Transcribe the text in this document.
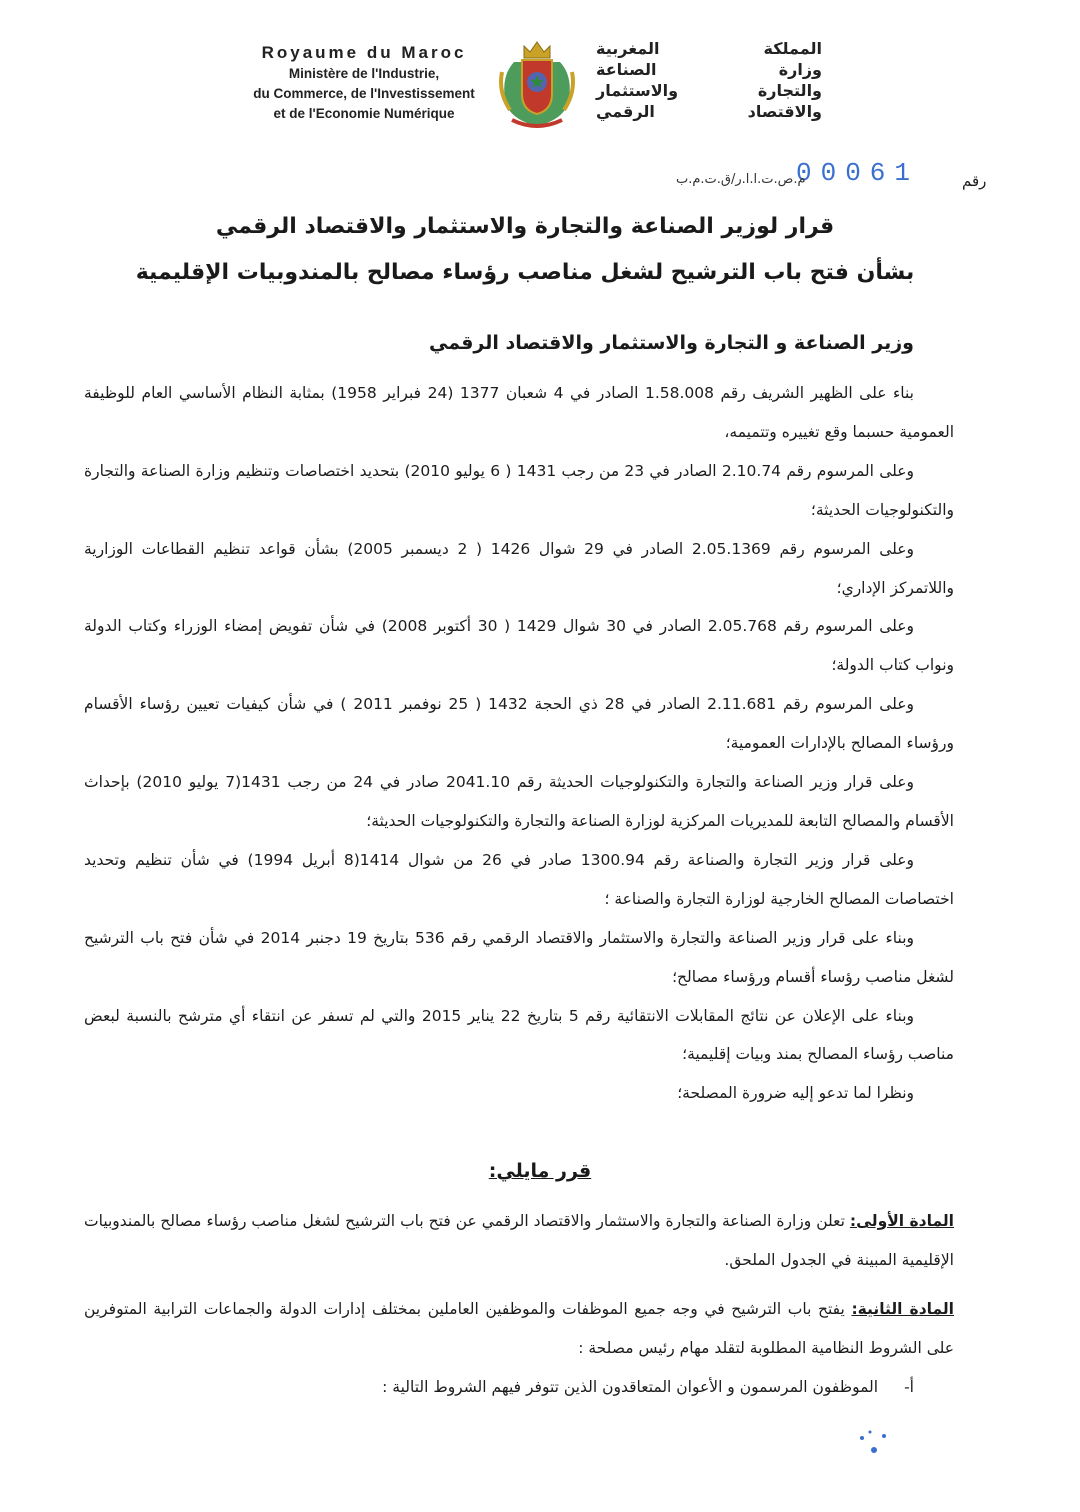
Royaume du Maroc
Ministère de l'Industrie,
du Commerce, de l'Investissement
et de l'Economie Numérique
المملكة المغربية
وزارة الصناعة
والتجارة والاستثمار
والاقتصاد الرقمي
رقم
00061
م.ص.ت.ا.ا.ر/ق.ت.م.ب
قرار لوزير الصناعة والتجارة والاستثمار والاقتصاد الرقمي
بشأن فتح باب الترشيح لشغل مناصب رؤساء مصالح بالمندوبيات الإقليمية
وزير الصناعة و التجارة والاستثمار والاقتصاد الرقمي

بناء على الظهير الشريف رقم 1.58.008 الصادر في 4 شعبان 1377 (24 فبراير 1958) بمثابة النظام الأساسي العام للوظيفة العمومية حسبما وقع تغييره وتتميمه،

وعلى المرسوم رقم 2.10.74 الصادر في 23 من رجب 1431 ( 6 يوليو 2010) بتحديد اختصاصات وتنظيم وزارة الصناعة والتجارة والتكنولوجيات الحديثة؛

وعلى المرسوم رقم 2.05.1369 الصادر في 29 شوال 1426 ( 2 ديسمبر 2005) بشأن قواعد تنظيم القطاعات الوزارية واللاتمركز الإداري؛

وعلى المرسوم رقم 2.05.768 الصادر في 30 شوال 1429 ( 30 أكتوبر 2008) في شأن تفويض إمضاء الوزراء وكتاب الدولة ونواب كتاب الدولة؛

وعلى المرسوم رقم 2.11.681 الصادر في 28 ذي الحجة 1432 ( 25 نوفمبر 2011 ) في شأن كيفيات تعيين رؤساء الأقسام ورؤساء المصالح بالإدارات العمومية؛

وعلى قرار وزير الصناعة والتجارة والتكنولوجيات الحديثة رقم 2041.10 صادر في 24 من رجب 1431(7 يوليو 2010) بإحداث الأقسام والمصالح التابعة للمديريات المركزية لوزارة الصناعة والتجارة والتكنولوجيات الحديثة؛

وعلى قرار وزير التجارة والصناعة رقم 1300.94 صادر في 26 من شوال 1414(8 أبريل 1994) في شأن تنظيم وتحديد اختصاصات المصالح الخارجية لوزارة التجارة والصناعة ؛

وبناء على قرار وزير الصناعة والتجارة والاستثمار والاقتصاد الرقمي رقم 536 بتاريخ 19 دجنبر 2014 في شأن فتح باب الترشيح لشغل مناصب رؤساء أقسام ورؤساء مصالح؛

وبناء على الإعلان عن نتائج المقابلات الانتقائية رقم 5 بتاريخ 22 يناير 2015 والتي لم تسفر عن انتقاء أي مترشح بالنسبة لبعض مناصب رؤساء المصالح بمند وبيات إقليمية؛

ونظرا لما تدعو إليه ضرورة المصلحة؛

قرر مايلي:

المادة الأولى: تعلن وزارة الصناعة والتجارة والاستثمار والاقتصاد الرقمي عن فتح باب الترشيح لشغل مناصب رؤساء مصالح بالمندوبيات الإقليمية المبينة في الجدول الملحق.

المادة الثانية: يفتح باب الترشيح في وجه جميع الموظفات والموظفين العاملين بمختلف إدارات الدولة والجماعات الترابية المتوفرين على الشروط النظامية المطلوبة لتقلد مهام رئيس مصلحة :

أ-الموظفون المرسمون و الأعوان المتعاقدون الذين تتوفر فيهم الشروط التالية :
